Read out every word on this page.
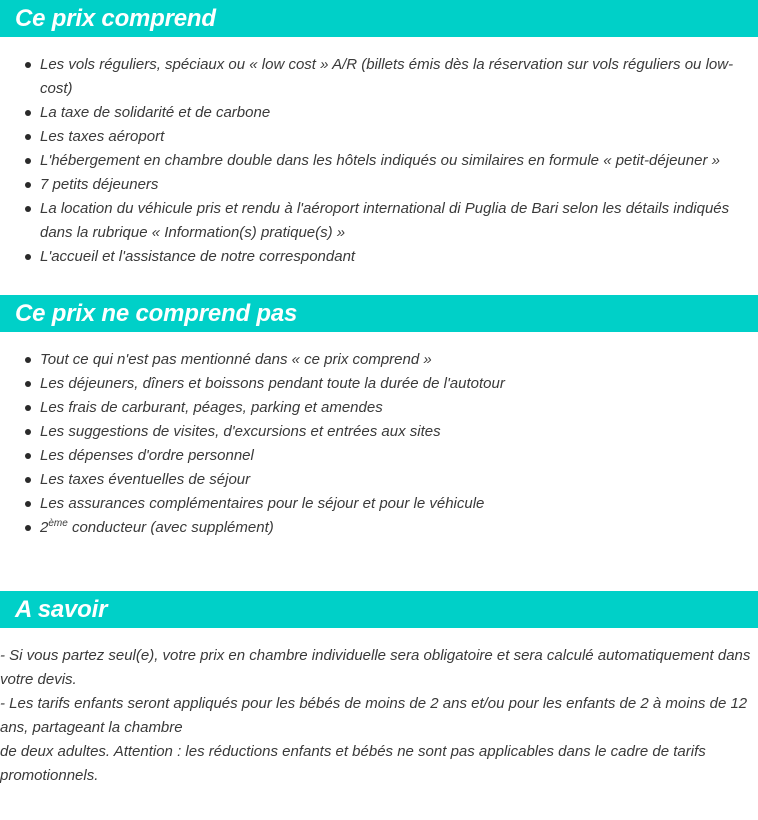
Ce prix comprend
Les vols réguliers, spéciaux ou « low cost » A/R (billets émis dès la réservation sur vols réguliers ou low-cost)
La taxe de solidarité et de carbone
Les taxes aéroport
L'hébergement en chambre double dans les hôtels indiqués ou similaires en formule « petit-déjeuner »
7 petits déjeuners
La location du véhicule pris et rendu à l'aéroport international di Puglia de Bari selon les détails indiqués dans la rubrique « Information(s) pratique(s) »
L'accueil et l'assistance de notre correspondant
Ce prix ne comprend pas
Tout ce qui n'est pas mentionné dans « ce prix comprend »
Les déjeuners, dîners et boissons pendant toute la durée de l'autotour
Les frais de carburant, péages, parking et amendes
Les suggestions de visites, d'excursions et entrées aux sites
Les dépenses d'ordre personnel
Les taxes éventuelles de séjour
Les assurances complémentaires pour le séjour et pour le véhicule
2ème conducteur (avec supplément)
A savoir

- Si vous partez seul(e), votre prix en chambre individuelle sera obligatoire et sera calculé automatiquement dans votre devis.

- Les tarifs enfants seront appliqués pour les bébés de moins de 2 ans et/ou pour les enfants de 2 à moins de 12 ans, partageant la chambre

de deux adultes. Attention : les réductions enfants et bébés ne sont pas applicables dans le cadre de tarifs promotionnels.
